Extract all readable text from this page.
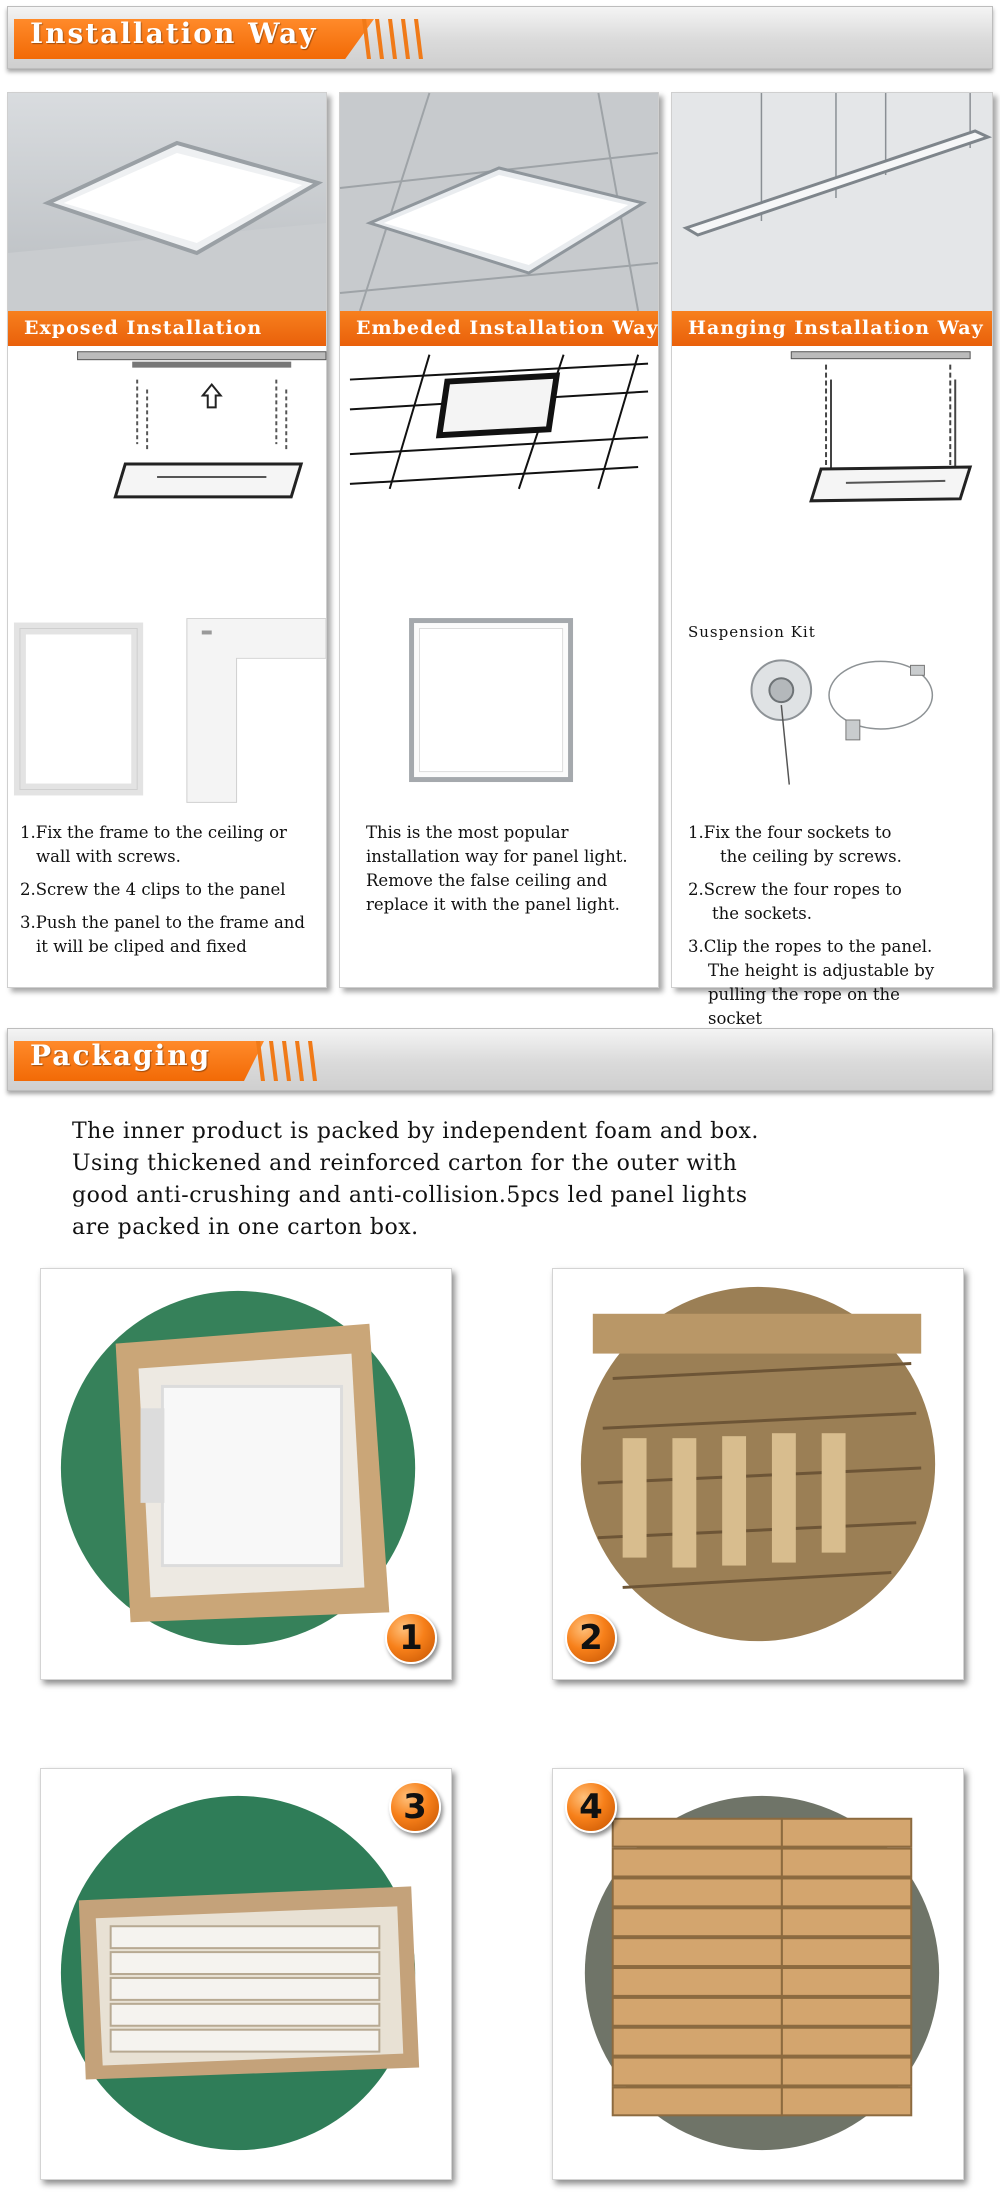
Installation Way
Exposed Installation

1.Fix the frame to the ceiling or

wall with screws.

2.Screw the 4 clips to the panel

3.Push the panel to the frame and

it will be cliped and fixed

Embeded Installation Way

This is the most popular

installation way for panel light.

Remove the false ceiling and

replace it with the panel light.

Hanging Installation Way
Suspension Kit

1.Fix the four sockets to

the ceiling by screws.

2.Screw the four ropes to

the sockets.

3.Clip the ropes to the panel.

The height is adjustable by

pulling the rope on the

socket

Packaging

The inner product is packed by independent foam and box.

Using thickened and reinforced carton for the outer with

good anti-crushing and anti-collision.5pcs led panel lights

are packed in one carton box.

1	2
3	4
